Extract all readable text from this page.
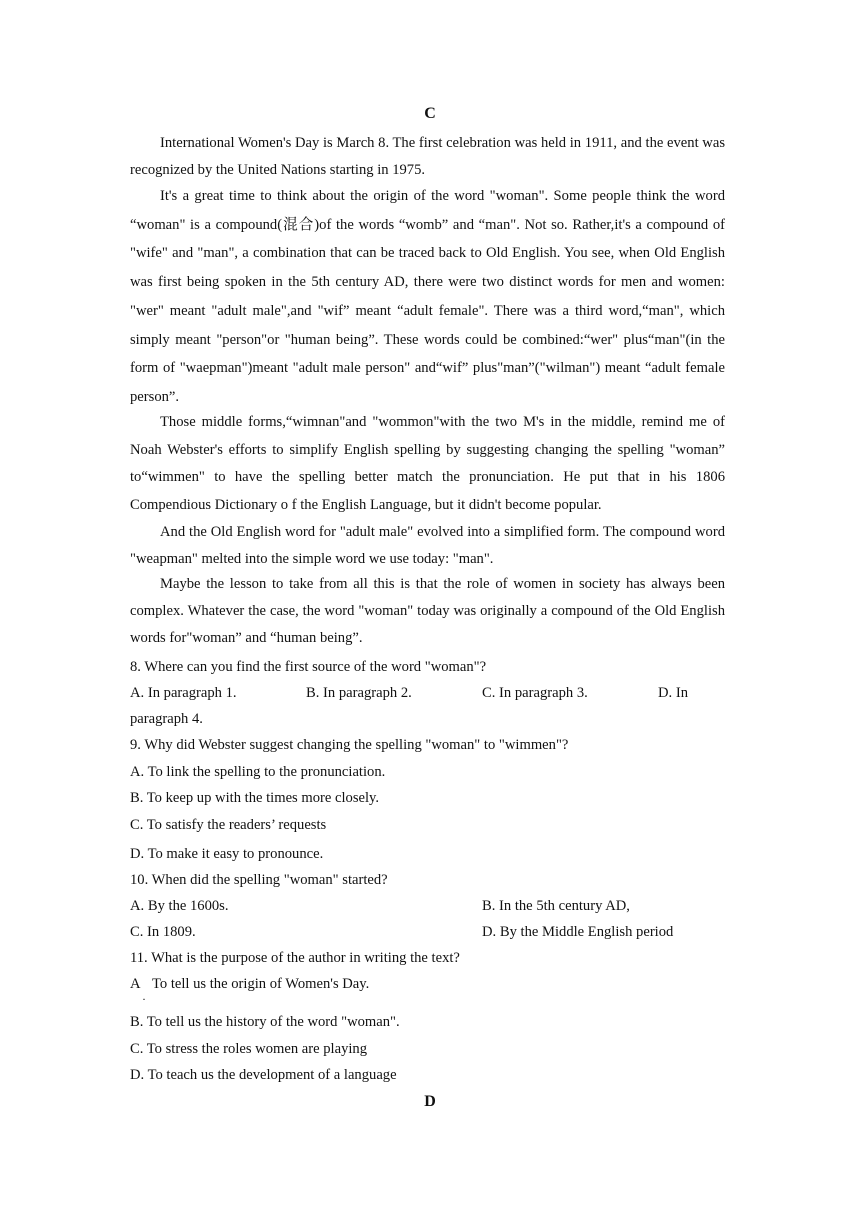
C

International Women's Day is March 8. The first celebration was held in 1911, and the event was recognized by the United Nations starting in 1975.

It's a great time to think about the origin of the word "woman". Some people think the word “woman" is a compound(混合)of the words “womb” and “man". Not so. Rather,it's a compound of "wife" and "man", a combination that can be traced back to Old English. You see, when Old English was first being spoken in the 5th century AD, there were two distinct words for men and women: "wer" meant "adult male",and "wif” meant “adult female". There was a third word,“man", which simply meant "person"or "human being”. These words could be combined:“wer" plus“man"(in the form of "waepman")meant "adult male person" and“wif” plus"man”("wilman") meant “adult female person”.

Those middle forms,“wimnan"and "wommon"with the two M's in the middle, remind me of Noah Webster's efforts to simplify English spelling by suggesting changing the spelling "woman” to“wimmen" to have the spelling better match the pronunciation. He put that in his 1806 Compendious Dictionary o f the English Language, but it didn't become popular.

And the Old English word for "adult male" evolved into a simplified form. The compound word "weapman" melted into the simple word we use today: "man".

Maybe the lesson to take from all this is that the role of women in society has always been complex. Whatever the case, the word "woman" today was originally a compound of the Old English words for"woman” and “human being”.

8. Where can you find the first source of the word "woman"?
A. In paragraph 1.	B. In paragraph 2.	C. In paragraph 3.	D. In
paragraph 4.
9. Why did Webster suggest changing the spelling "woman" to "wimmen"?
A. To link the spelling to the pronunciation.
B. To keep up with the times more closely.
C. To satisfy the readers’ requests
D. To make it easy to pronounce.
10. When did the spelling "woman" started?
A. By the 1600s.	B. In the 5th century AD,
C. In 1809.	D. By the Middle English period
11. What is the purpose of the author in writing the text?
A
·
To tell us the origin of Women's Day.
B. To tell us the history of the word "woman".
C. To stress the roles women are playing
D. To teach us the development of a language
D
